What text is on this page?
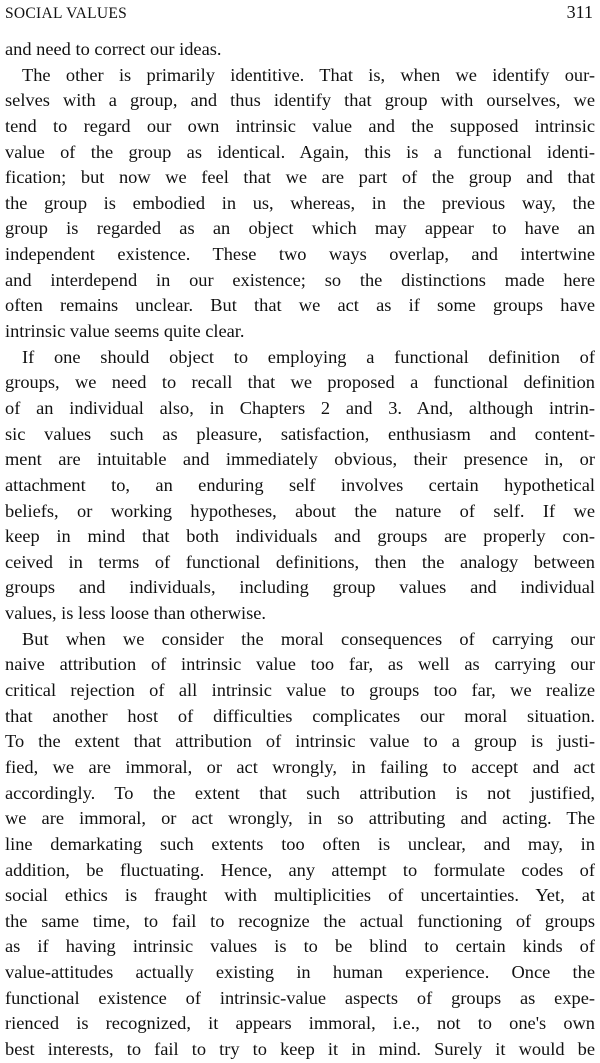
SOCIAL VALUES	311
and need to correct our ideas.
The other is primarily identitive. That is, when we identify our-
selves with a group, and thus identify that group with ourselves, we
tend to regard our own intrinsic value and the supposed intrinsic
value of the group as identical. Again, this is a functional identi-
fication; but now we feel that we are part of the group and that
the group is embodied in us, whereas, in the previous way, the
group is regarded as an object which may appear to have an
independent existence. These two ways overlap, and intertwine
and interdepend in our existence; so the distinctions made here
often remains unclear. But that we act as if some groups have
intrinsic value seems quite clear.
If one should object to employing a functional definition of
groups, we need to recall that we proposed a functional definition
of an individual also, in Chapters 2 and 3. And, although intrin-
sic values such as pleasure, satisfaction, enthusiasm and content-
ment are intuitable and immediately obvious, their presence in, or
attachment to, an enduring self involves certain hypothetical
beliefs, or working hypotheses, about the nature of self. If we
keep in mind that both individuals and groups are properly con-
ceived in terms of functional definitions, then the analogy between
groups and individuals, including group values and individual
values, is less loose than otherwise.
But when we consider the moral consequences of carrying our
naive attribution of intrinsic value too far, as well as carrying our
critical rejection of all intrinsic value to groups too far, we realize
that another host of difficulties complicates our moral situation.
To the extent that attribution of intrinsic value to a group is justi-
fied, we are immoral, or act wrongly, in failing to accept and act
accordingly. To the extent that such attribution is not justified,
we are immoral, or act wrongly, in so attributing and acting. The
line demarkating such extents too often is unclear, and may, in
addition, be fluctuating. Hence, any attempt to formulate codes of
social ethics is fraught with multiplicities of uncertainties. Yet, at
the same time, to fail to recognize the actual functioning of groups
as if having intrinsic values is to be blind to certain kinds of
value-attitudes actually existing in human experience. Once the
functional existence of intrinsic-value aspects of groups as expe-
rienced is recognized, it appears immoral, i.e., not to one's own
best interests, to fail to try to keep it in mind. Surely it would be
